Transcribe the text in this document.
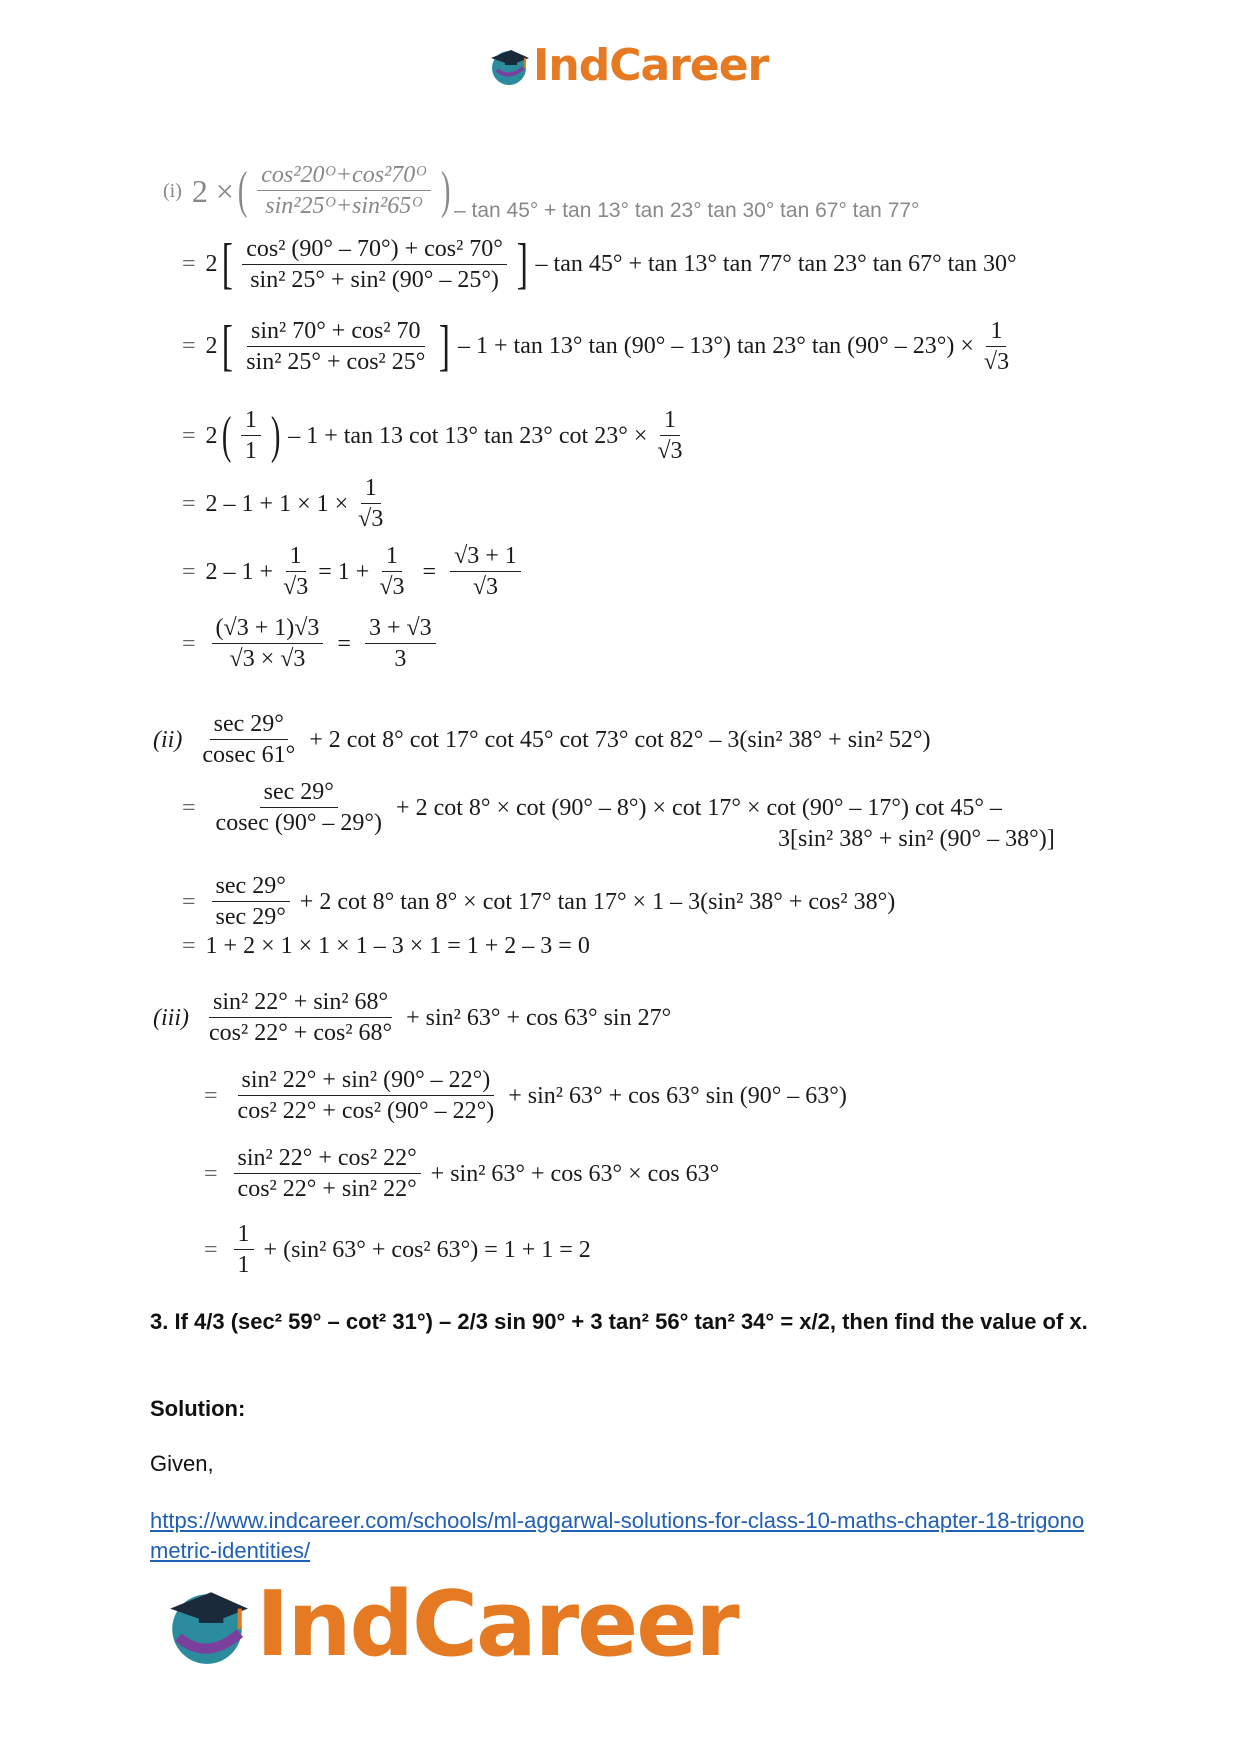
IndCareer
(i) 2 × ( $\frac{\text{cos²20ᴼ+cos²70ᴼ}}{\text{sin²25ᴼ+sin²65ᴼ}}$ ) – tan 45° + tan 13° tan 23° tan 30° tan 67° tan 77°
= 2 [ $\frac{\text{cos² (90° – 70°) + cos² 70°}}{\text{sin² 25° + sin² (90° – 25°)}}$ ] – tan 45° + tan 13° tan 77° tan 23° tan 67° tan 30°
= 2 [ $\frac{\text{sin² 70° + cos² 70}}{\text{sin² 25° + cos² 25°}}$ ] – 1 + tan 13° tan (90° – 13°) tan 23° $\tan (90^\circ - 23^\circ) \times \frac{1}{√3}$
= 2 ( $\frac{1}{1}$ ) – 1 + tan 13 cot 13° tan 23° $\cot 23^\circ \times \frac{1}{√3}$
= $2 - 1 + 1 \times 1 \times \frac{1}{√3}$
= $2 - 1 + \frac{1}{√3} = 1 + \frac{1}{√3} = \frac{√3 + 1}{√3}$
= $\frac{(√3 + 1)√3}{√3 \times √3} = \frac{3 + √3}{3}$
$(ii) \frac{\sec 29^\circ}{cosec 61^\circ} + 2$ cot 8° cot 17° cot 45° cot 73° cot 82° – 3(sin² 38° + sin² 52°)
= $\frac{\sec 29^\circ}{cosec (90^\circ - 29^\circ)} + 2$ cot 8° × cot (90° – 8°) × cot 17° × cot (90° – 17°) cot 45° –
3[sin² 38° + sin² (90° – 38°)]
= $\frac{\sec 29^\circ}{\sec 29^\circ} + 2$ cot 8° tan 8° × cot 17° tan 17° × 1 – 3(sin² 38° + cos² 38°)
= 1 + 2 × 1 × 1 × 1 – 3 × 1 = 1 + 2 – 3 = 0
$(iii) \frac{\text{sin² 22° + sin² 68°}}{\text{cos² 22° + cos² 68°}} + \sin^2$ 63° + cos 63° sin 27°
= $\frac{\text{sin² 22° + sin² (90° – 22°)}}{\text{cos² 22° + cos² (90° – 22°)}} + \sin^2$ 63° + cos 63° sin (90° – 63°)
= $\frac{\text{sin² 22° + cos² 22°}}{\text{cos² 22° + sin² 22°}} + \sin^2$ 63° + cos 63° × cos 63°
= $\frac{1}{1} + (\sin^2$ 63° + cos² 63°) = 1 + 1 = 2
3. If 4/3 (sec² 59° – cot² 31°) – 2/3 sin 90° + 3 tan² 56° tan² 34° = x/2, then find the value of x.
Solution:
Given,
https://www.indcareer.com/schools/ml-aggarwal-solutions-for-class-10-maths-chapter-18-trigonometric-identities/
IndCareer
